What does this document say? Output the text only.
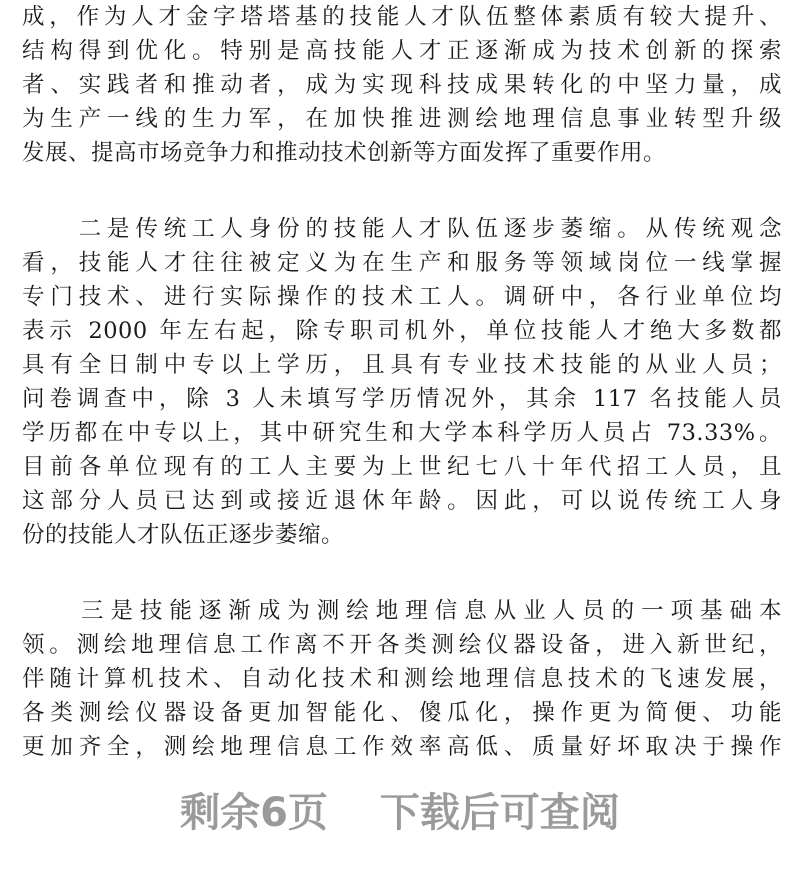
成，作为人才金字塔塔基的技能人才队伍整体素质有较大提升、
结构得到优化。特别是高技能人才正逐渐成为技术创新的探索
者、实践者和推动者，成为实现科技成果转化的中坚力量，成
为生产一线的生力军，在加快推进测绘地理信息事业转型升级
发展、提高市场竞争力和推动技术创新等方面发挥了重要作用。
　　二是传统工人身份的技能人才队伍逐步萎缩。从传统观念
看，技能人才往往被定义为在生产和服务等领域岗位一线掌握
专门技术、进行实际操作的技术工人。调研中，各行业单位均
表示 2000 年左右起，除专职司机外，单位技能人才绝大多数都
具有全日制中专以上学历，且具有专业技术技能的从业人员；
问卷调查中，除 3 人未填写学历情况外，其余 117 名技能人员
学历都在中专以上，其中研究生和大学本科学历人员占 73.33%。
目前各单位现有的工人主要为上世纪七八十年代招工人员，且
这部分人员已达到或接近退休年龄。因此，可以说传统工人身
份的技能人才队伍正逐步萎缩。
　　三是技能逐渐成为测绘地理信息从业人员的一项基础本
领。测绘地理信息工作离不开各类测绘仪器设备，进入新世纪，
伴随计算机技术、自动化技术和测绘地理信息技术的飞速发展，
各类测绘仪器设备更加智能化、傻瓜化，操作更为简便、功能
更加齐全，测绘地理信息工作效率高低、质量好坏取决于操作
剩余6页 下载后可查阅
